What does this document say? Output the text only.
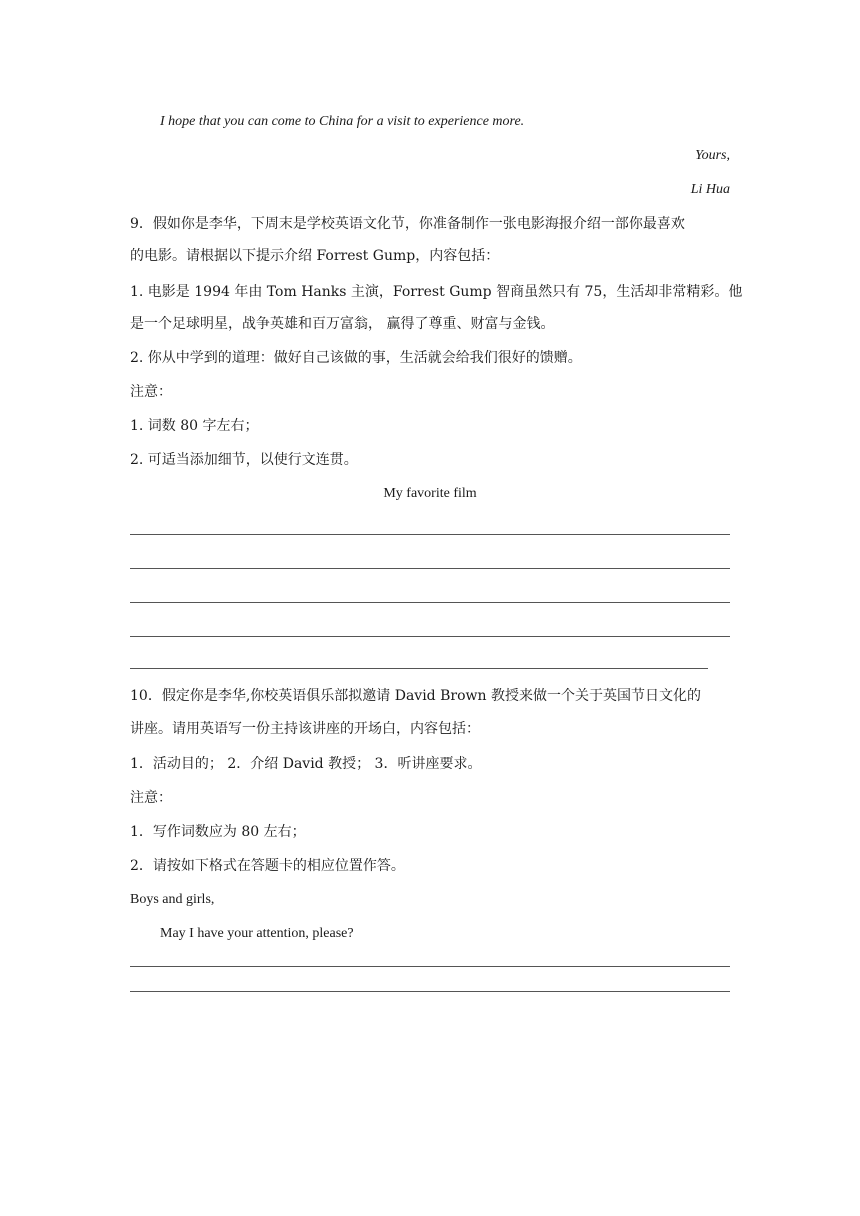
I hope that you can come to China for a visit to experience more.
Yours,
Li Hua
9．假如你是李华，下周末是学校英语文化节，你准备制作一张电影海报介绍一部你最喜欢
的电影。请根据以下提示介绍 Forrest Gump，内容包括：
1. 电影是 1994 年由 Tom Hanks 主演，Forrest Gump 智商虽然只有 75，生活却非常精彩。他
是一个足球明星，战争英雄和百万富翁， 赢得了尊重、财富与金钱。
2. 你从中学到的道理：做好自己该做的事，生活就会给我们很好的馈赠。
注意：
1. 词数 80 字左右；
2. 可适当添加细节，以使行文连贯。
My favorite film
10．假定你是李华,你校英语俱乐部拟邀请 David Brown 教授来做一个关于英国节日文化的
讲座。请用英语写一份主持该讲座的开场白，内容包括：
1．活动目的； 2．介绍 David 教授； 3．听讲座要求。
注意：
1．写作词数应为 80 左右；
2．请按如下格式在答题卡的相应位置作答。
Boys and girls,
May I have your attention, please?
